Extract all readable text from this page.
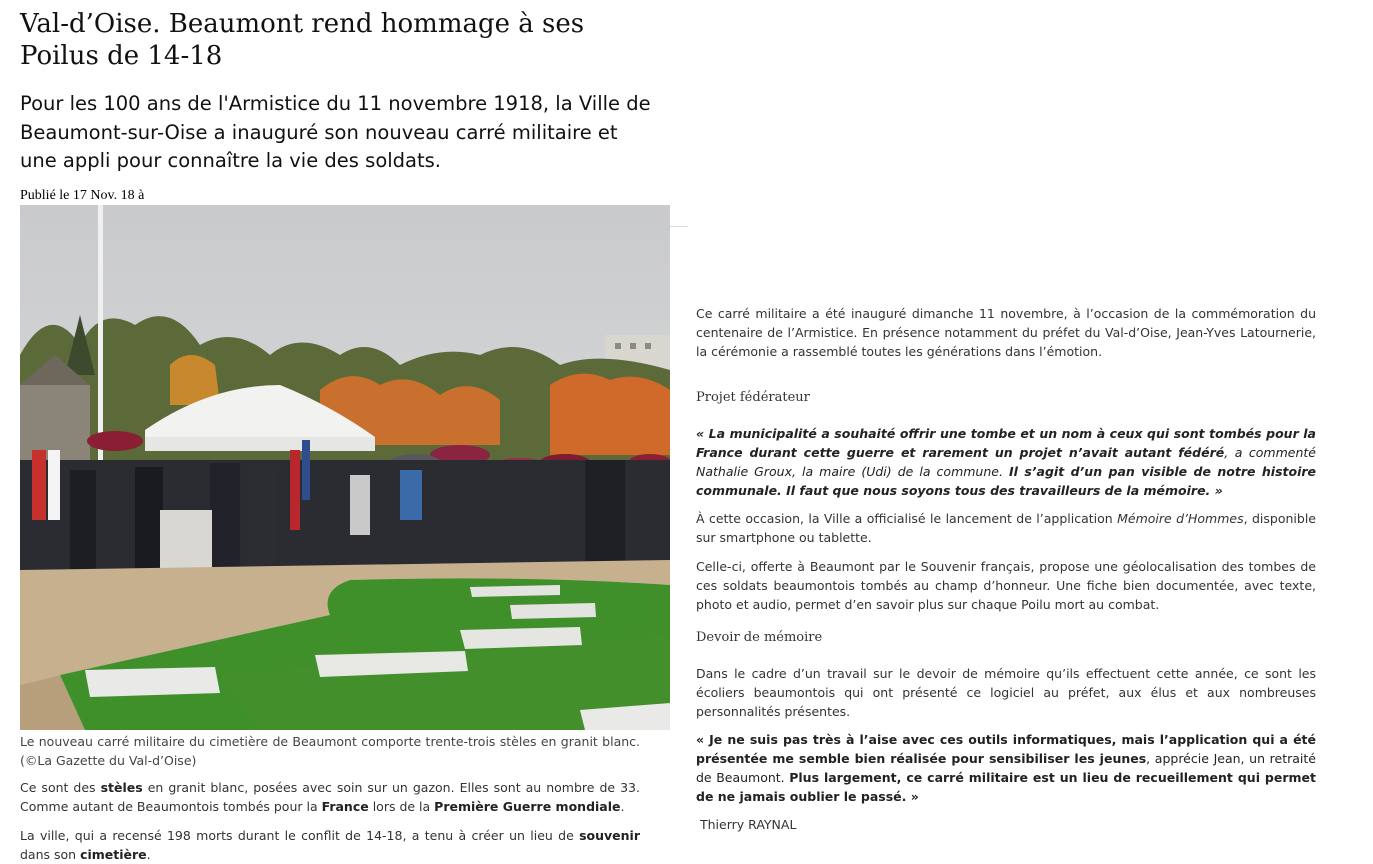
Val-d’Oise. Beaumont rend hommage à ses Poilus de 14-18

Pour les 100 ans de l'Armistice du 11 novembre 1918, la Ville de Beaumont-sur-Oise a inauguré son nouveau carré militaire et une appli pour connaître la vie des soldats.

Publié le 17 Nov. 18 à

Le nouveau carré militaire du cimetière de Beaumont comporte trente-trois stèles en granit blanc. (©La Gazette du Val-d’Oise)

Ce sont des stèles en granit blanc, posées avec soin sur un gazon. Elles sont au nombre de 33. Comme autant de Beaumontois tombés pour la France lors de la Première Guerre mondiale.

La ville, qui a recensé 198 morts durant le conflit de 14-18, a tenu à créer un lieu de souvenir dans son cimetière.

Ce carré militaire a été inauguré dimanche 11 novembre, à l’occasion de la commémoration du centenaire de l’Armistice. En présence notamment du préfet du Val-d’Oise, Jean-Yves Latournerie, la cérémonie a rassemblé toutes les générations dans l’émotion.

Projet fédérateur

« La municipalité a souhaité offrir une tombe et un nom à ceux qui sont tombés pour la France durant cette guerre et rarement un projet n’avait autant fédéré, a commenté Nathalie Groux, la maire (Udi) de la commune. Il s’agit d’un pan visible de notre histoire communale. Il faut que nous soyons tous des travailleurs de la mémoire. »

À cette occasion, la Ville a officialisé le lancement de l’application Mémoire d’Hommes, disponible sur smartphone ou tablette.

Celle-ci, offerte à Beaumont par le Souvenir français, propose une géolocalisation des tombes de ces soldats beaumontois tombés au champ d’honneur. Une fiche bien documentée, avec texte, photo et audio, permet d’en savoir plus sur chaque Poilu mort au combat.

Devoir de mémoire

Dans le cadre d’un travail sur le devoir de mémoire qu’ils effectuent cette année, ce sont les écoliers beaumontois qui ont présenté ce logiciel au préfet, aux élus et aux nombreuses personnalités présentes.

« Je ne suis pas très à l’aise avec ces outils informatiques, mais l’application qui a été présentée me semble bien réalisée pour sensibiliser les jeunes, apprécie Jean, un retraité de Beaumont. Plus largement, ce carré militaire est un lieu de recueillement qui permet de ne jamais oublier le passé. »

Thierry RAYNAL
